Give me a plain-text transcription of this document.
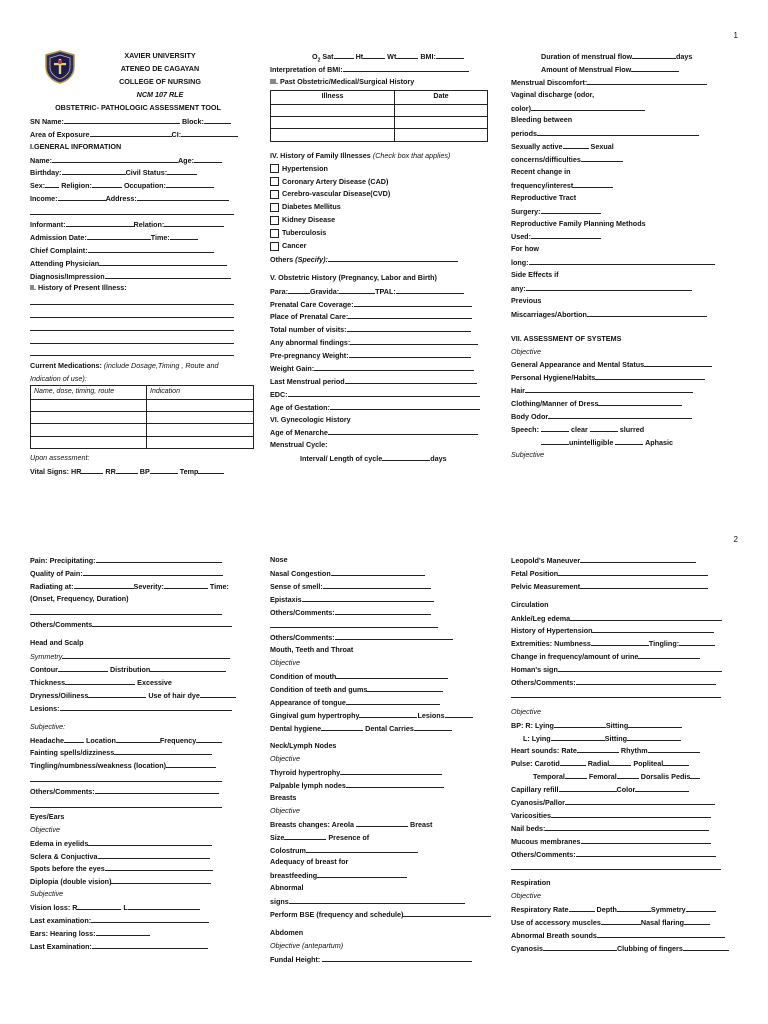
1
XAVIER UNIVERSITY
ATENEO DE CAGAYAN
COLLEGE OF NURSING
NCM 107 RLE
OBSTETRIC- PATHOLOGIC ASSESSMENT TOOL
SN Name:	Block:
Area of Exposure	CI:
I.GENERAL INFORMATION
Name:	Age:
Birthday:	Civil Status:
Sex: Religion:	Occupation:
Income:	Address:
Informant:	Relation:
Admission Date:	Time:
Chief Complaint:
Attending Physician
Diagnosis/Impression
II. History of Present Illness:
Current Medications: (include Dosage,Timing , Route and Indication of use):
Name, dose, timing, route	Indication

Upon assessment:
Vital Signs: HR	RR	BP	Temp
$O_2$ Sat	Ht	Wt	BMI:
Interpretation of BMI:
III. Past Obstetric/Medical/Surgical History
Illness	Date

IV. History of Family Illnesses (Check box that applies)
Hypertension
Coronary Artery Disease (CAD)
Cerebro-vascular Disease(CVD)
Diabetes Mellitus
Kidney Disease
Tuberculosis
Cancer
Others (Specify):
V. Obstetric History (Pregnancy, Labor and Birth)
Para:	Gravida:	TPAL:
Prenatal Care Coverage:
Place of Prenatal Care:
Total number of visits:
Any abnormal findings:
Pre-pregnancy Weight:
Weight Gain:
Last Menstrual period
EDC:
Age of Gestation:
VI. Gynecologic History
Age of Menarche
Menstrual Cycle:
Interval/ Length of cycle	days
Duration of menstrual flow	days
Amount of Menstrual Flow
Menstrual Discomfort:
Vaginal discharge (odor,
color)
Bleeding between
periods
Sexually active	Sexual
concerns/difficulties
Recent change in
frequency/interest
Reproductive Tract
Surgery:
Reproductive Family Planning Methods
Used:
For how
long:
Side Effects if
any:
Previous
Miscarriages/Abortion
VII. ASSESSMENT OF SYSTEMS
Objective
General Appearance and Mental Status
Personal Hygiene/Habits
Hair
Clothing/Manner of Dress
Body Odor
Speech:	clear	slurred
unintelligible	Aphasic
Subjective
2
Pain: Precipitating:
Quality of Pain:
Radiating at:	Severity:	Time:
(Onset, Frequency, Duration)
Others/Comments
Head and Scalp
Symmetry
Contour	Distribution
Thickness	Excessive
Dryness/Oiliness	Use of hair dye
Lesions:
Subjective:
Headache	Location	Frequency
Fainting spells/dizziness
Tingling/numbness/weakness (location)
Others/Comments:
Eyes/Ears
Objective
Edema in eyelids
Sclera & Conjuctiva
Spots before the eyes
Diplopia (double vision)
Subjective
Vision loss: R	L
Last examination:
Ears: Hearing loss:
Last Examination:
Nose
Nasal Congestion
Sense of smell:
Epistaxis
Others/Comments:
Others/Comments:
Mouth, Teeth and Throat
Objective
Condition of mouth
Condition of teeth and gums
Appearance of tongue
Gingival gum hypertrophy	Lesions
Dental hygiene	Dental Carries
Neck/Lymph Nodes
Objective
Thyroid hypertrophy
Palpable lymph nodes
Breasts
Objective
Breasts changes: Areola	Breast
Size	Presence of
Colostrum
Adequacy of breast for
breastfeeding
Abnormal
signs
Perform BSE (frequency and schedule)
Abdomen
Objective (antepartum)
Fundal Height:
Leopold's Maneuver
Fetal Position
Pelvic Measurement
Circulation
Ankle/Leg edema
History of Hypertension
Extremities: Numbness	Tingling:
Change in frequency/amount of urine
Homan's sign
Others/Comments:
Objective
BP: R: Lying	Sitting
L: Lying	Sitting
Heart sounds: Rate	Rhythm
Pulse: Carotid	Radial	Popliteal
Temporal	Femoral	Dorsalis Pedis
Capillary refill	Color
Cyanosis/Pallor
Varicosities
Nail beds:
Mucous membranes
Others/Comments:
Respiration
Objective
Respiratory Rate	Depth	Symmetry
Use of accessory muscles	Nasal flaring
Abnormal Breath sounds
Cyanosis	Clubbing of fingers
